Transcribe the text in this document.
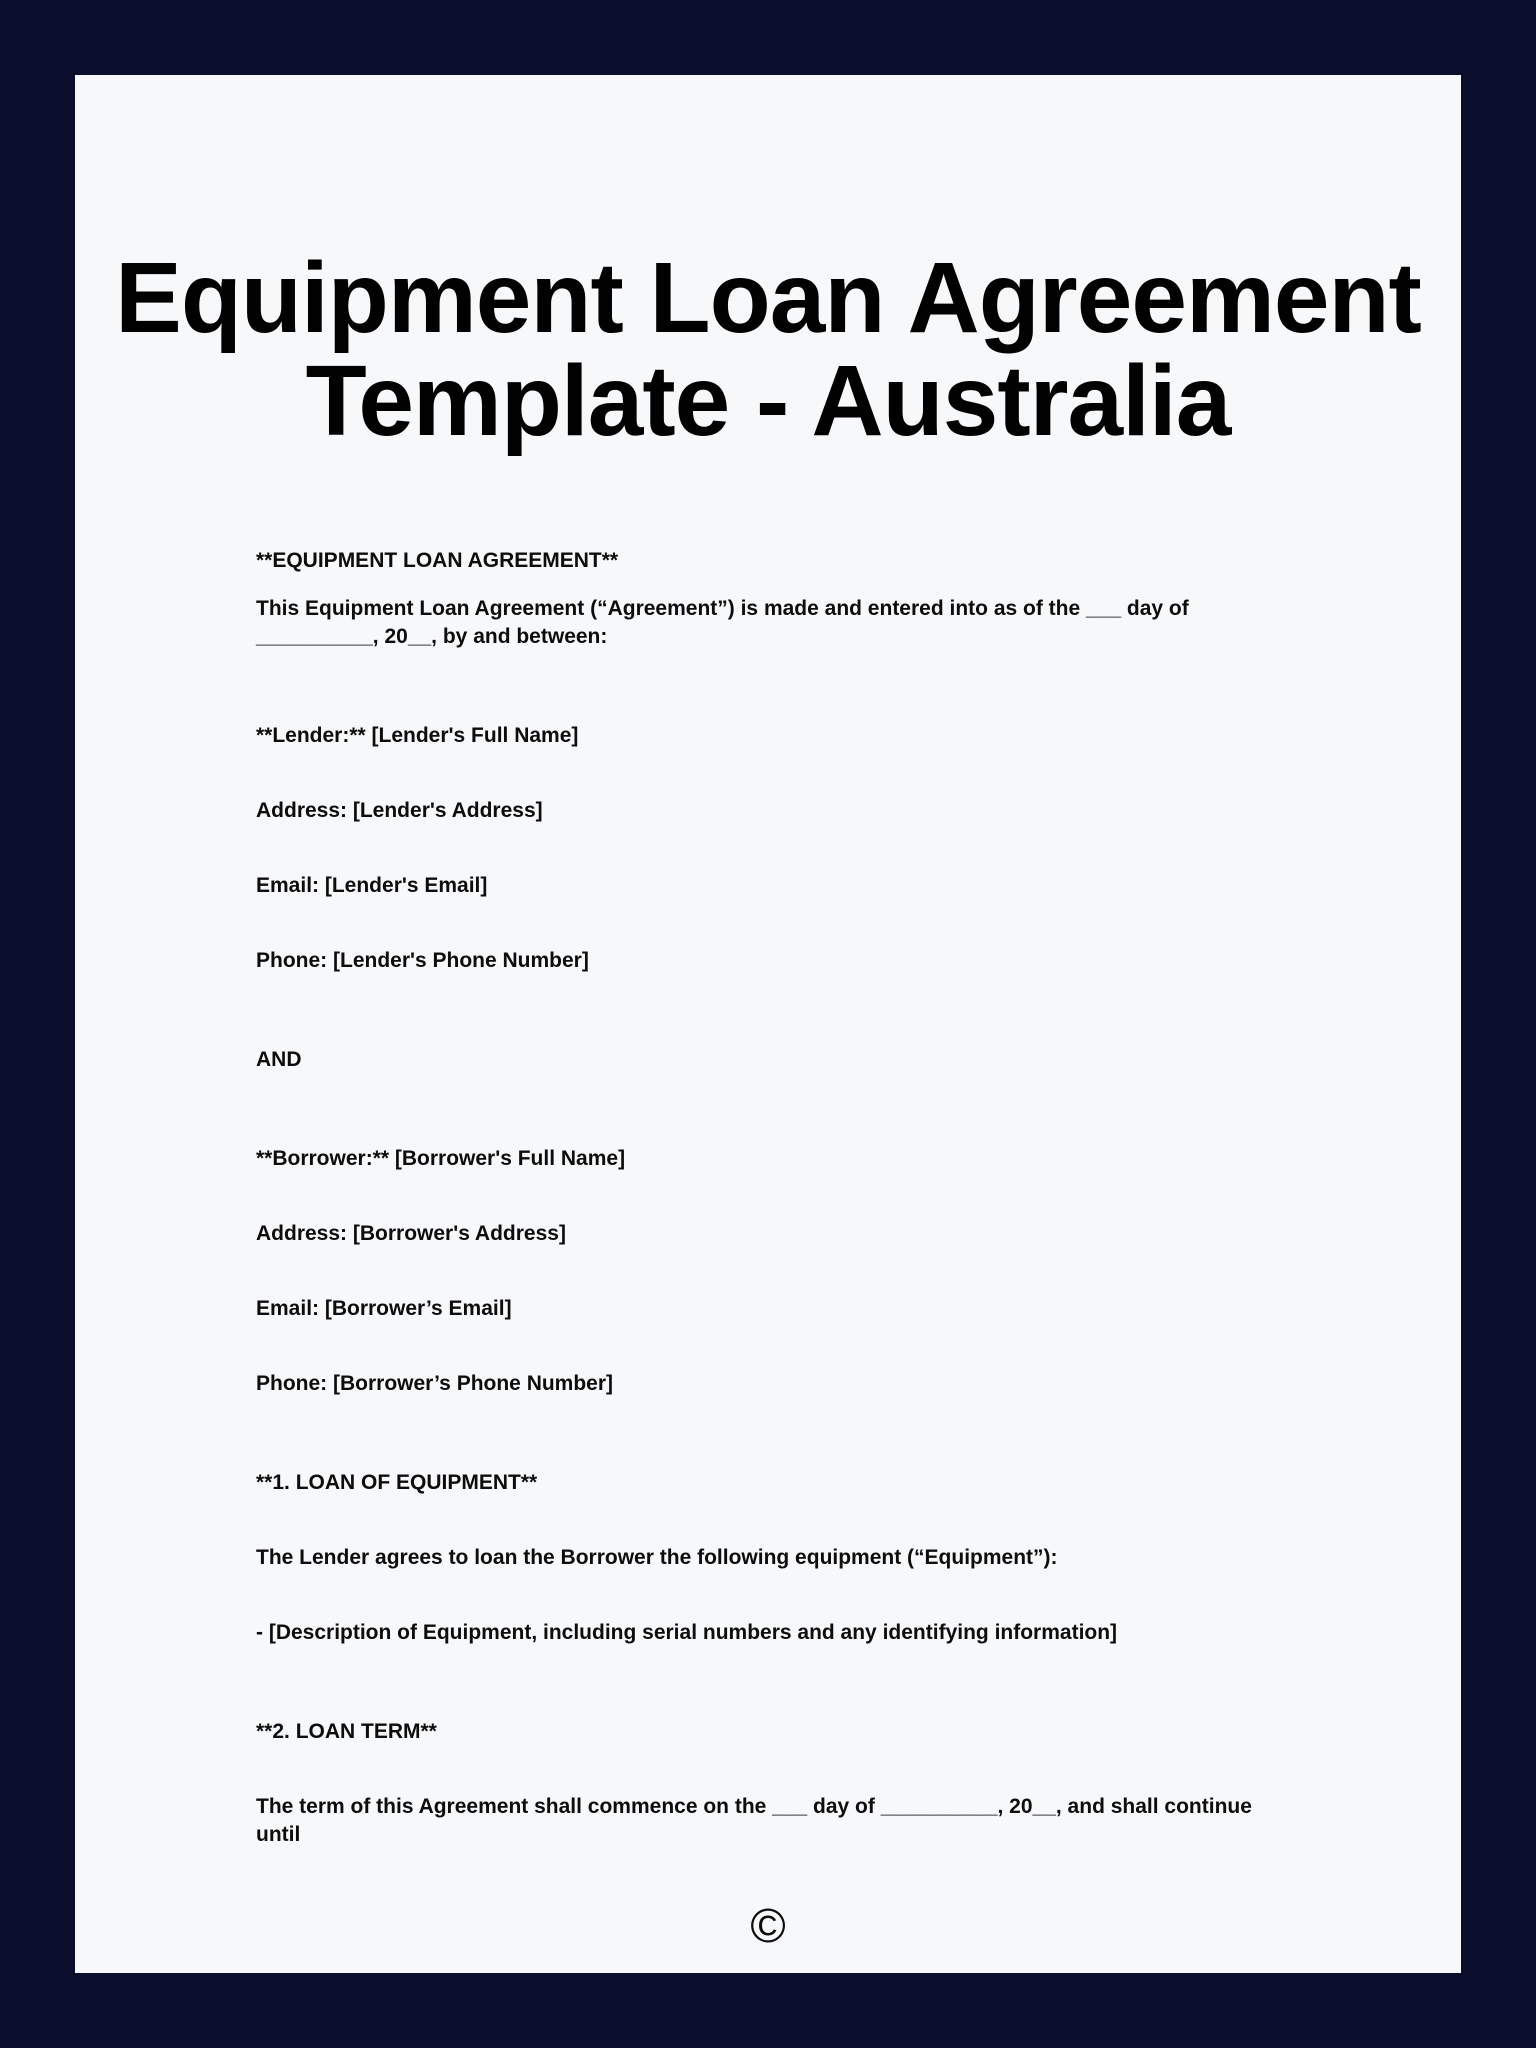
Equipment Loan Agreement Template - Australia

**EQUIPMENT LOAN AGREEMENT**

This Equipment Loan Agreement (“Agreement”) is made and entered into as of the ___ day of __________, 20__, by and between:

**Lender:** [Lender's Full Name]

Address: [Lender's Address]

Email: [Lender's Email]

Phone: [Lender's Phone Number]

AND

**Borrower:** [Borrower's Full Name]

Address: [Borrower's Address]

Email: [Borrower’s Email]

Phone: [Borrower’s Phone Number]

**1. LOAN OF EQUIPMENT**

The Lender agrees to loan the Borrower the following equipment (“Equipment”):

- [Description of Equipment, including serial numbers and any identifying information]

**2. LOAN TERM**

The term of this Agreement shall commence on the ___ day of __________, 20__, and shall continue until

©
